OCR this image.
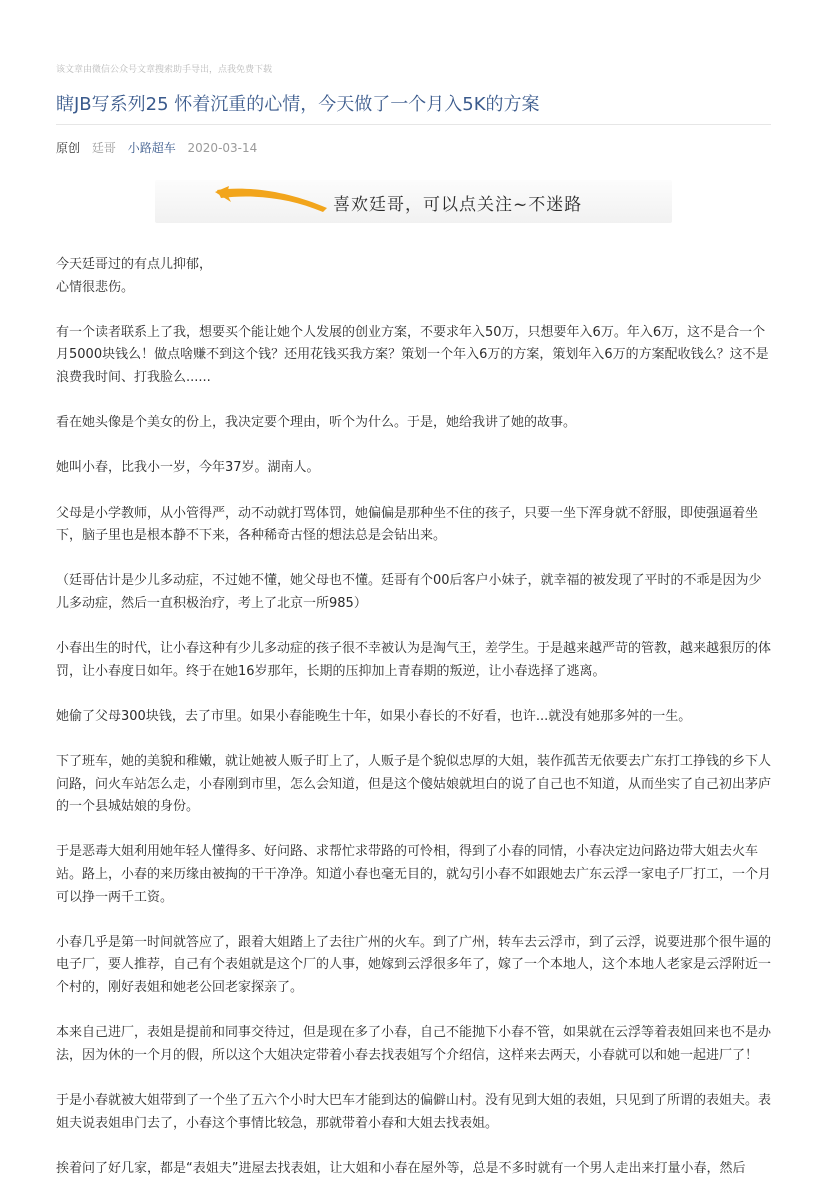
该文章由微信公众号文章搜索助手导出，点我免费下载
瞎JB写系列25 怀着沉重的心情，今天做了一个月入5K的方案
原创 廷哥 小路超车 2020-03-14
喜欢廷哥，可以点关注~不迷路

今天廷哥过的有点儿抑郁，

心情很悲伤。

有一个读者联系上了我，想要买个能让她个人发展的创业方案，不要求年入50万，只想要年入6万。年入6万，这不是合一个月5000块钱么！做点啥赚不到这个钱？还用花钱买我方案？策划一个年入6万的方案，策划年入6万的方案配收钱么？这不是浪费我时间、打我脸么......

看在她头像是个美女的份上，我决定要个理由，听个为什么。于是，她给我讲了她的故事。

她叫小春，比我小一岁，今年37岁。湖南人。

父母是小学教师，从小管得严，动不动就打骂体罚，她偏偏是那种坐不住的孩子，只要一坐下浑身就不舒服，即使强逼着坐下，脑子里也是根本静不下来，各种稀奇古怪的想法总是会钻出来。

（廷哥估计是少儿多动症，不过她不懂，她父母也不懂。廷哥有个00后客户小妹子，就幸福的被发现了平时的不乖是因为少儿多动症，然后一直积极治疗，考上了北京一所985）

小春出生的时代，让小春这种有少儿多动症的孩子很不幸被认为是淘气王，差学生。于是越来越严苛的管教，越来越狠厉的体罚，让小春度日如年。终于在她16岁那年，长期的压抑加上青春期的叛逆，让小春选择了逃离。

她偷了父母300块钱，去了市里。如果小春能晚生十年，如果小春长的不好看，也许...就没有她那多舛的一生。

下了班车，她的美貌和稚嫩，就让她被人贩子盯上了，人贩子是个貌似忠厚的大姐，装作孤苦无依要去广东打工挣钱的乡下人问路，问火车站怎么走，小春刚到市里，怎么会知道，但是这个傻姑娘就坦白的说了自己也不知道，从而坐实了自己初出茅庐的一个县城姑娘的身份。

于是恶毒大姐利用她年轻人懂得多、好问路、求帮忙求带路的可怜相，得到了小春的同情，小春决定边问路边带大姐去火车站。路上，小春的来历缘由被掏的干干净净。知道小春也毫无目的，就勾引小春不如跟她去广东云浮一家电子厂打工，一个月可以挣一两千工资。

小春几乎是第一时间就答应了，跟着大姐踏上了去往广州的火车。到了广州，转车去云浮市，到了云浮，说要进那个很牛逼的电子厂，要人推荐，自己有个表姐就是这个厂的人事，她嫁到云浮很多年了，嫁了一个本地人，这个本地人老家是云浮附近一个村的，刚好表姐和她老公回老家探亲了。

本来自己进厂，表姐是提前和同事交待过，但是现在多了小春，自己不能抛下小春不管，如果就在云浮等着表姐回来也不是办法，因为休的一个月的假，所以这个大姐决定带着小春去找表姐写个介绍信，这样来去两天，小春就可以和她一起进厂了！

于是小春就被大姐带到了一个坐了五六个小时大巴车才能到达的偏僻山村。没有见到大姐的表姐，只见到了所谓的表姐夫。表姐夫说表姐串门去了，小春这个事情比较急，那就带着小春和大姐去找表姐。

挨着问了好几家，都是“表姐夫”进屋去找表姐，让大姐和小春在屋外等，总是不多时就有一个男人走出来打量小春，然后
